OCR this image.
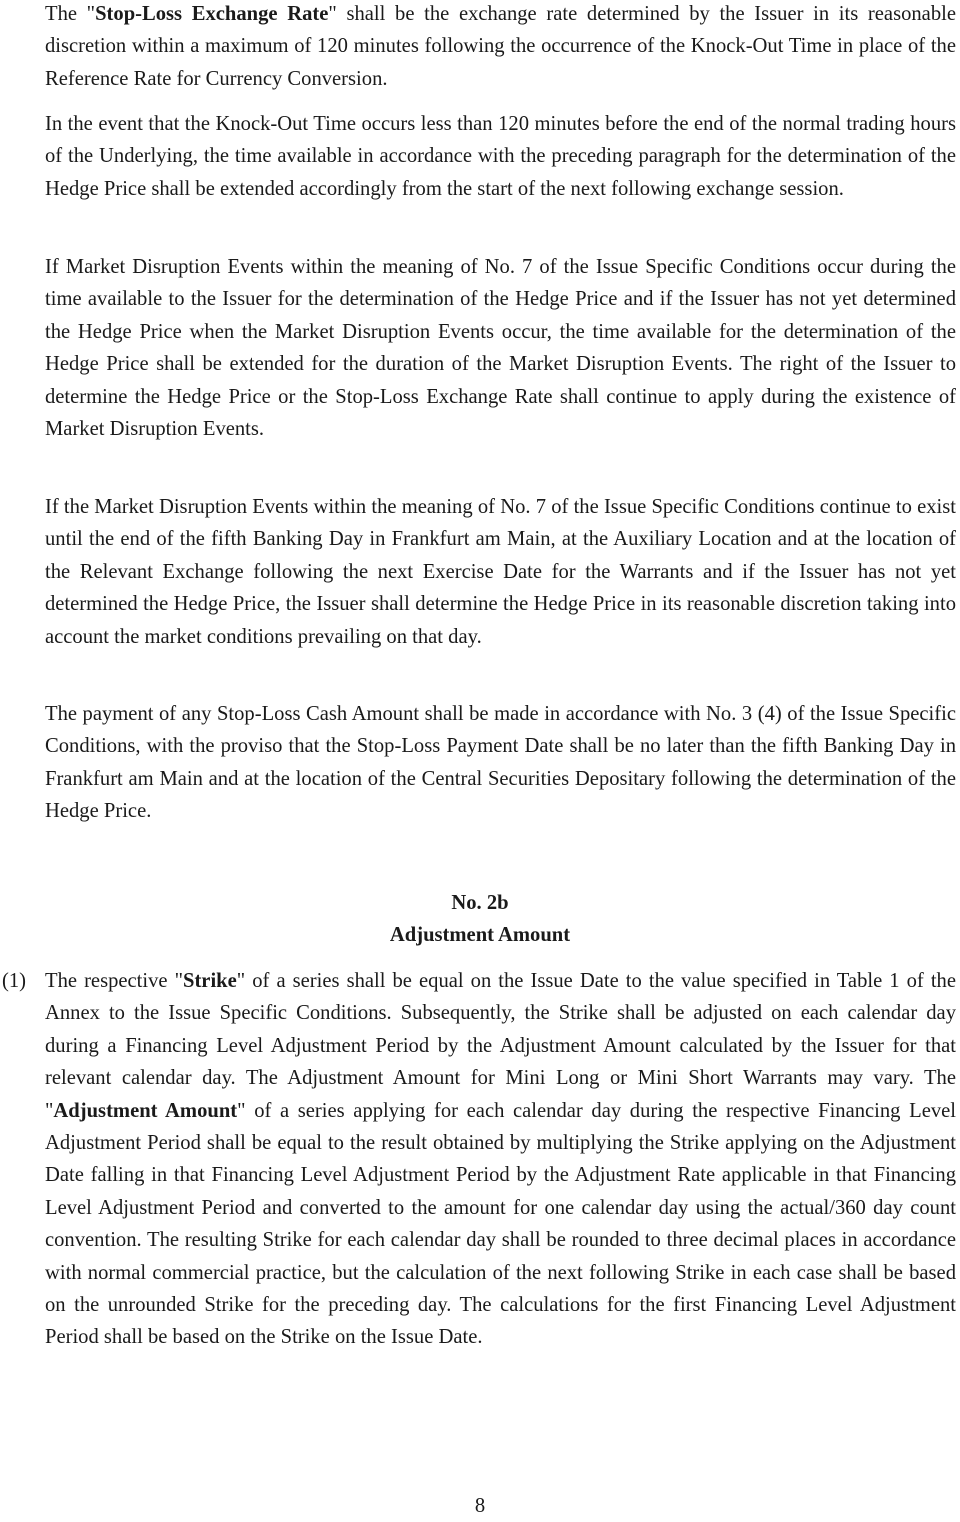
The "Stop-Loss Exchange Rate" shall be the exchange rate determined by the Issuer in its reasonable discretion within a maximum of 120 minutes following the occurrence of the Knock-Out Time in place of the Reference Rate for Currency Conversion.

In the event that the Knock-Out Time occurs less than 120 minutes before the end of the normal trading hours of the Underlying, the time available in accordance with the preceding paragraph for the determination of the Hedge Price shall be extended accordingly from the start of the next following exchange session.

If Market Disruption Events within the meaning of No. 7 of the Issue Specific Conditions occur during the time available to the Issuer for the determination of the Hedge Price and if the Issuer has not yet determined the Hedge Price when the Market Disruption Events occur, the time available for the determination of the Hedge Price shall be extended for the duration of the Market Disruption Events. The right of the Issuer to determine the Hedge Price or the Stop-Loss Exchange Rate shall continue to apply during the existence of Market Disruption Events.

If the Market Disruption Events within the meaning of No. 7 of the Issue Specific Conditions continue to exist until the end of the fifth Banking Day in Frankfurt am Main, at the Auxiliary Location and at the location of the Relevant Exchange following the next Exercise Date for the Warrants and if the Issuer has not yet determined the Hedge Price, the Issuer shall determine the Hedge Price in its reasonable discretion taking into account the market conditions prevailing on that day.

The payment of any Stop-Loss Cash Amount shall be made in accordance with No. 3 (4) of the Issue Specific Conditions, with the proviso that the Stop-Loss Payment Date shall be no later than the fifth Banking Day in Frankfurt am Main and at the location of the Central Securities Depositary following the determination of the Hedge Price.

No. 2b

Adjustment Amount

(1) The respective "Strike" of a series shall be equal on the Issue Date to the value specified in Table 1 of the Annex to the Issue Specific Conditions. Subsequently, the Strike shall be adjusted on each calendar day during a Financing Level Adjustment Period by the Adjustment Amount calculated by the Issuer for that relevant calendar day. The Adjustment Amount for Mini Long or Mini Short Warrants may vary. The "Adjustment Amount" of a series applying for each calendar day during the respective Financing Level Adjustment Period shall be equal to the result obtained by multiplying the Strike applying on the Adjustment Date falling in that Financing Level Adjustment Period by the Adjustment Rate applicable in that Financing Level Adjustment Period and converted to the amount for one calendar day using the actual/360 day count convention. The resulting Strike for each calendar day shall be rounded to three decimal places in accordance with normal commercial practice, but the calculation of the next following Strike in each case shall be based on the unrounded Strike for the preceding day. The calculations for the first Financing Level Adjustment Period shall be based on the Strike on the Issue Date.

8
